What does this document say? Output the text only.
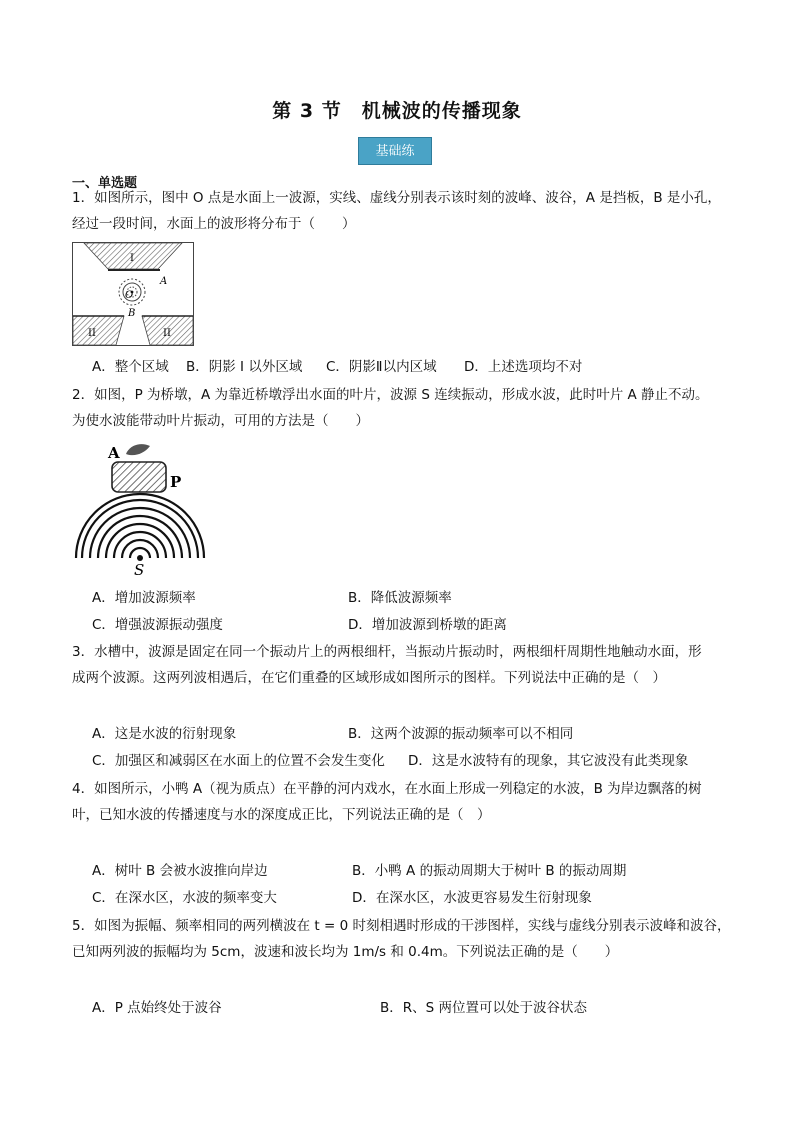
第 3 节　机械波的传播现象
基础练
一、单选题
1．如图所示，图中 O 点是水面上一波源，实线、虚线分别表示该时刻的波峰、波谷，A 是挡板，B 是小孔，
经过一段时间，水面上的波形将分布于（　　）
I
A
O
B
II	II
A．整个区域 B．阴影 I 以外区域 C．阴影Ⅱ以内区域 D．上述选项均不对
2．如图，P 为桥墩，A 为靠近桥墩浮出水面的叶片，波源 S 连续振动，形成水波，此时叶片 A 静止不动。
为使水波能带动叶片振动，可用的方法是（　　）
A
P
S
A．增加波源频率	B．降低波源频率
C．增强波源振动强度	D．增加波源到桥墩的距离
3．水槽中，波源是固定在同一个振动片上的两根细杆，当振动片振动时，两根细杆周期性地触动水面，形
成两个波源。这两列波相遇后，在它们重叠的区域形成如图所示的图样。下列说法中正确的是（　）
A．这是水波的衍射现象	B．这两个波源的振动频率可以不相同
C．加强区和减弱区在水面上的位置不会发生变化 D．这是水波特有的现象，其它波没有此类现象
4．如图所示，小鸭 A（视为质点）在平静的河内戏水，在水面上形成一列稳定的水波，B 为岸边飘落的树
叶，已知水波的传播速度与水的深度成正比，下列说法正确的是（　）
A．树叶 B 会被水波推向岸边	B．小鸭 A 的振动周期大于树叶 B 的振动周期
C．在深水区，水波的频率变大	D．在深水区，水波更容易发生衍射现象
5．如图为振幅、频率相同的两列横波在 t = 0 时刻相遇时形成的干涉图样，实线与虚线分别表示波峰和波谷，
已知两列波的振幅均为 5cm，波速和波长均为 1m/s 和 0.4m。下列说法正确的是（　　）
A．P 点始终处于波谷	B．R、S 两位置可以处于波谷状态
